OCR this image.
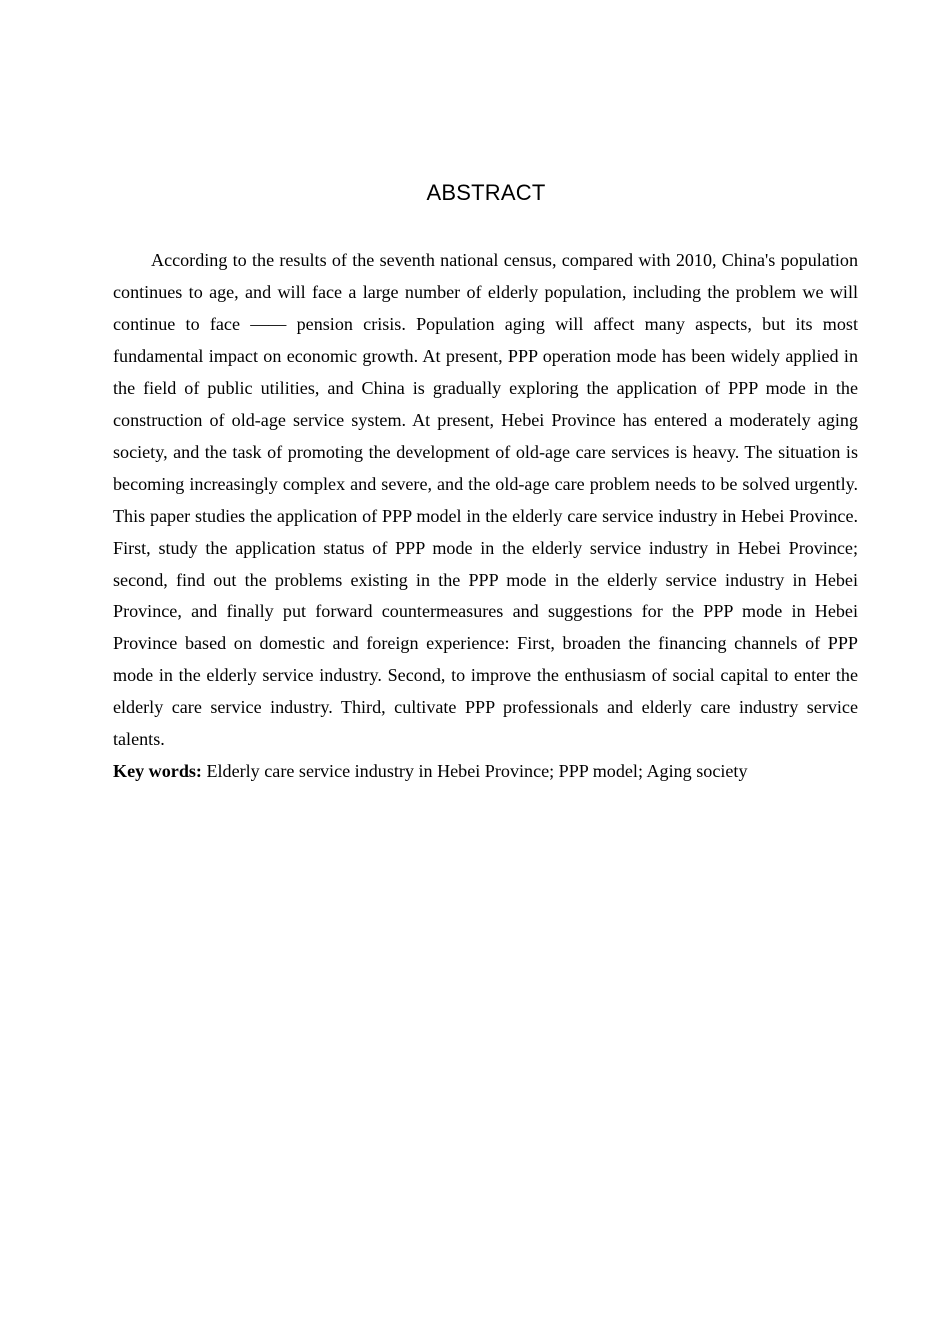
ABSTRACT

According to the results of the seventh national census, compared with 2010, China's population continues to age, and will face a large number of elderly population, including the problem we will continue to face —— pension crisis. Population aging will affect many aspects, but its most fundamental impact on economic growth. At present, PPP operation mode has been widely applied in the field of public utilities, and China is gradually exploring the application of PPP mode in the construction of old-age service system. At present, Hebei Province has entered a moderately aging society, and the task of promoting the development of old-age care services is heavy. The situation is becoming increasingly complex and severe, and the old-age care problem needs to be solved urgently. This paper studies the application of PPP model in the elderly care service industry in Hebei Province. First, study the application status of PPP mode in the elderly service industry in Hebei Province; second, find out the problems existing in the PPP mode in the elderly service industry in Hebei Province, and finally put forward countermeasures and suggestions for the PPP mode in Hebei Province based on domestic and foreign experience: First, broaden the financing channels of PPP mode in the elderly service industry. Second, to improve the enthusiasm of social capital to enter the elderly care service industry. Third, cultivate PPP professionals and elderly care industry service talents.

Key words: Elderly care service industry in Hebei Province; PPP model; Aging society
